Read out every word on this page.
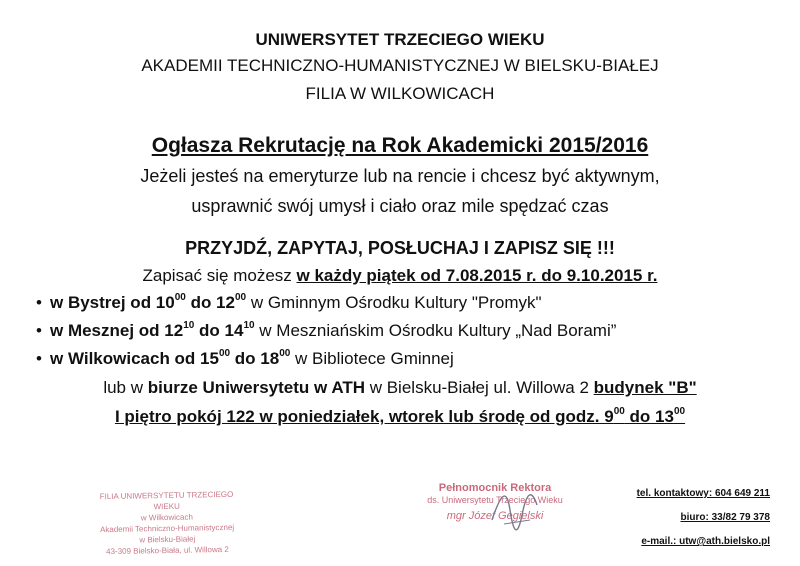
UNIWERSYTET TRZECIEGO WIEKU
AKADEMII TECHNICZNO-HUMANISTYCZNEJ W BIELSKU-BIAŁEJ
FILIA W WILKOWICACH
Ogłasza Rekrutację na Rok Akademicki 2015/2016
Jeżeli jesteś na emeryturze lub na rencie i chcesz być aktywnym,
usprawnić swój umysł i ciało oraz mile spędzać czas
PRZYJDŹ, ZAPYTAJ, POSŁUCHAJ I ZAPISZ SIĘ !!!
Zapisać się możesz w każdy piątek od 7.08.2015 r. do 9.10.2015 r.
• w Bystrej od $10^{00}$ do $12^{00}$ w Gminnym Ośrodku Kultury "Promyk"
• w Mesznej od $12^{10}$ do $14^{10}$ w Meszniańskim Ośrodku Kultury „Nad Borami”
• w Wilkowicach od $15^{00}$ do $18^{00}$ w Bibliotece Gminnej
lub w biurze Uniwersytetu w ATH w Bielsku-Białej ul. Willowa 2 budynek "B"
I piętro pokój 122 w poniedziałek, wtorek lub środę od godz. $9^{00}$ do $13^{00}$
FILIA UNIWERSYTETU TRZECIEGO WIEKU
w Wilkowicach
Akademii Techniczno-Humanistycznej
w Bielsku-Białej
43-309 Bielsko-Biała, ul. Willowa 2
Pełnomocnik Rektora
ds. Uniwersytetu Trzeciego Wieku
mgr Józef Gegielski
tel. kontaktowy: 604 649 211
biuro: 33/82 79 378
e-mail.: utw@ath.bielsko.pl
